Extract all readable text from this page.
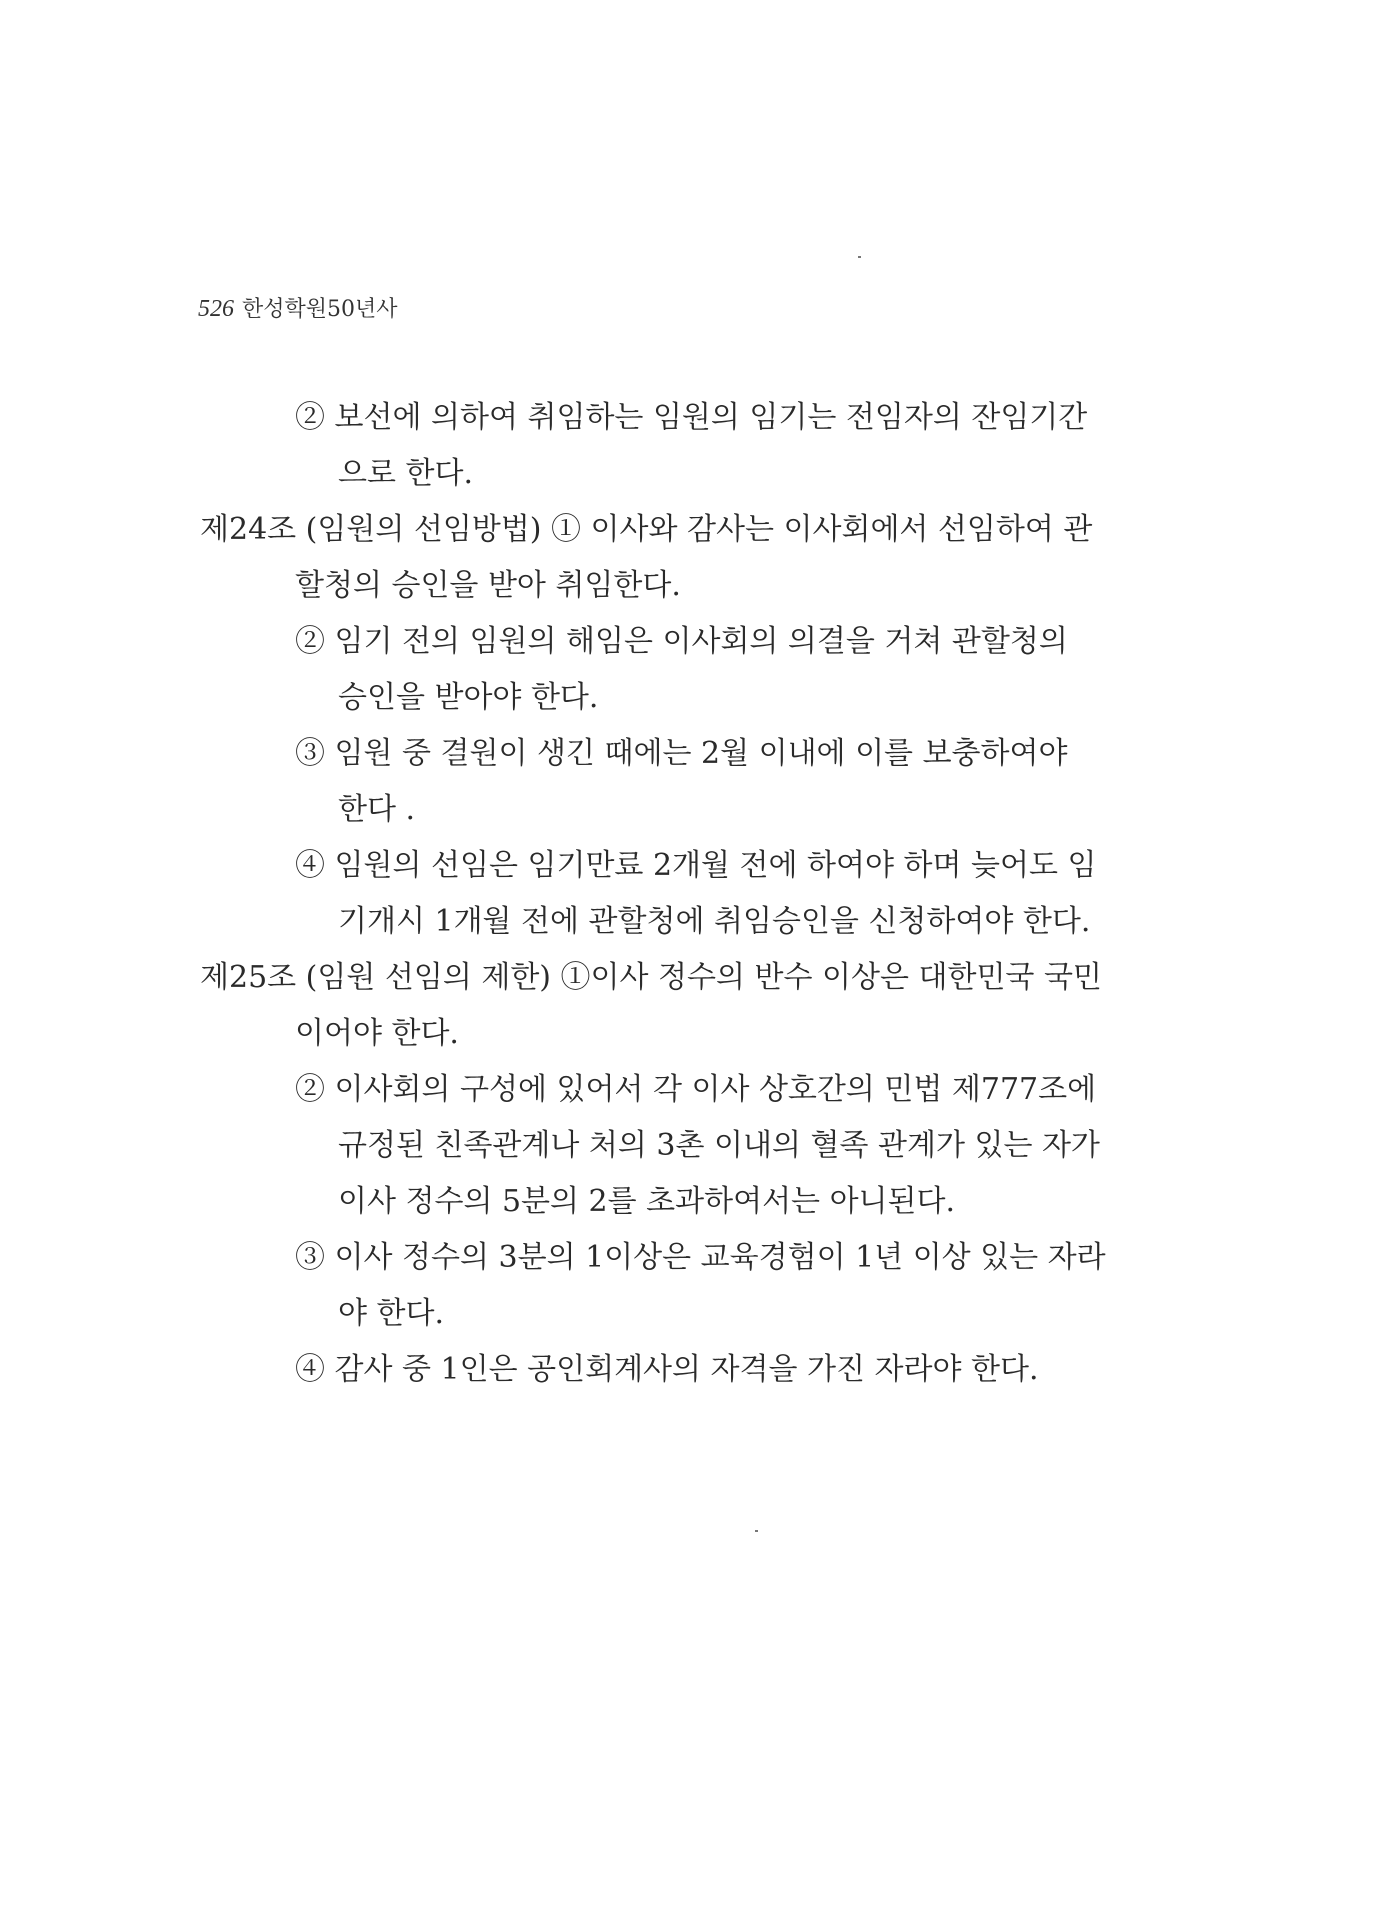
526 한성학원50년사
② 보선에 의하여 취임하는 임원의 임기는 전임자의 잔임기간
으로 한다.
제24조 (임원의 선임방법) ① 이사와 감사는 이사회에서 선임하여 관
할청의 승인을 받아 취임한다.
② 임기 전의 임원의 해임은 이사회의 의결을 거쳐 관할청의
승인을 받아야 한다.
③ 임원 중 결원이 생긴 때에는 2월 이내에 이를 보충하여야
한다 .
④ 임원의 선임은 임기만료 2개월 전에 하여야 하며 늦어도 임
기개시 1개월 전에 관할청에 취임승인을 신청하여야 한다.
제25조 (임원 선임의 제한) ①이사 정수의 반수 이상은 대한민국 국민
이어야 한다.
② 이사회의 구성에 있어서 각 이사 상호간의 민법 제777조에
규정된 친족관계나 처의 3촌 이내의 혈족 관계가 있는 자가
이사 정수의 5분의 2를 초과하여서는 아니된다.
③ 이사 정수의 3분의 1이상은 교육경험이 1년 이상 있는 자라
야 한다.
④ 감사 중 1인은 공인회계사의 자격을 가진 자라야 한다.
